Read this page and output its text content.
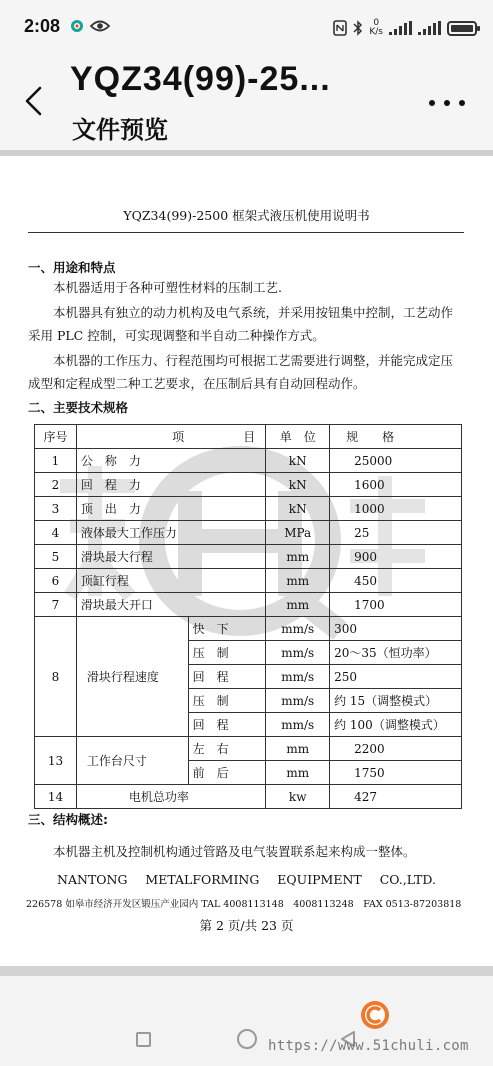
2:08	0
K/s
YQZ34(99)-25...
文件预览
YQZ34(99)-2500 框架式液压机使用说明书
一、用途和特点
本机器适用于各种可塑性材料的压制工艺.
本机器具有独立的动力机构及电气系统，并采用按钮集中控制，工艺动作采用 PLC 控制，可实现调整和半自动二种操作方式。
本机器的工作压力、行程范围均可根据工艺需要进行调整，并能完成定压成型和定程成型二种工艺要求，在压制后具有自动回程动作。
二、主要技术规格
序号	项 目		单　位	规　　格
1	公称力		kN	25000
2	回程力		kN	1600
3	顶出力		kN	1000
4	液体最大工作压力		MPa	25
5	滑块最大行程		mm	900
6	顶缸行程		mm	450
7	滑块最大开口		mm	1700
8	滑块行程速度	快　下	mm/s	300
		压　制	mm/s	20～35（恒功率）
		回　程	mm/s	250
		压　制	mm/s	约 15（调整模式）
		回　程	mm/s	约 100（调整模式）
13	工作台尺寸	左　右	mm	2200
		前　后	mm	1750
14	电机总功率		kw	427
三、结构概述:
本机器主机及控制机构通过管路及电气装置联系起来构成一整体。
NANTONG METALFORMING EQUIPMENT CO.,LTD.
226578 如皋市经济开发区锻压产业园内 TAL 4008113148　4008113248　FAX 0513-87203818
第 2 页/共 23 页
https://www.51chuli.com
